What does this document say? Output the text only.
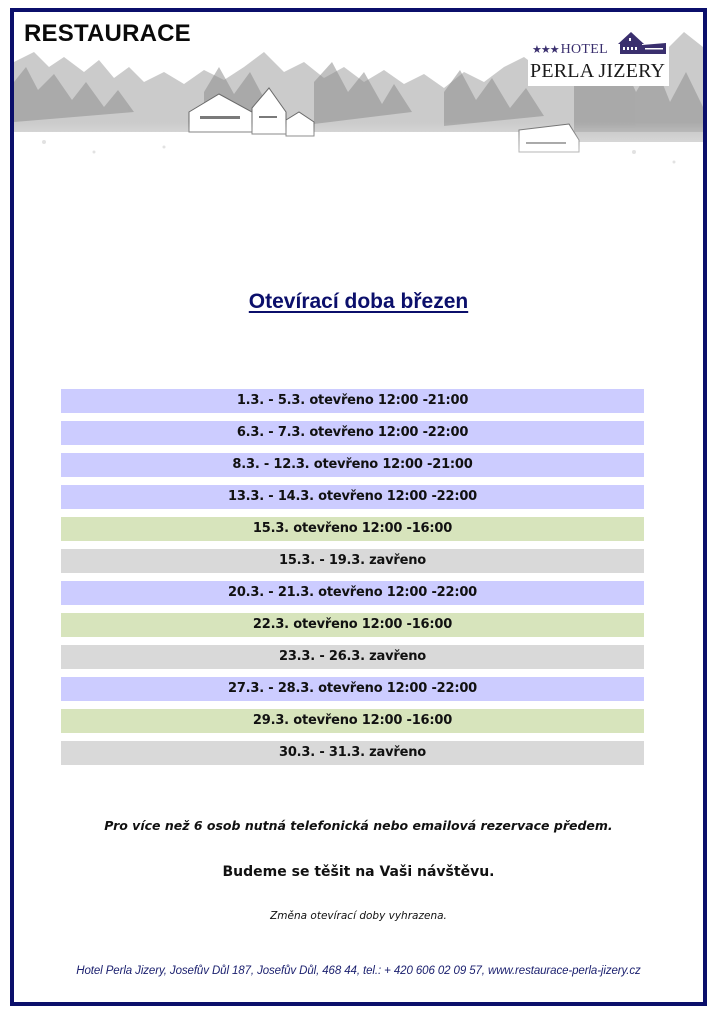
RESTAURACE
★★★ HOTEL
PERLA JIZERY
Otevírací doba březen
1.3. - 5.3. otevřeno 12:00 -21:00
6.3. - 7.3. otevřeno 12:00 -22:00
8.3. - 12.3. otevřeno 12:00 -21:00
13.3. - 14.3. otevřeno 12:00 -22:00
15.3. otevřeno 12:00 -16:00
15.3. - 19.3. zavřeno
20.3. - 21.3. otevřeno 12:00 -22:00
22.3. otevřeno 12:00 -16:00
23.3. - 26.3. zavřeno
27.3. - 28.3. otevřeno 12:00 -22:00
29.3. otevřeno 12:00 -16:00
30.3. - 31.3. zavřeno

Pro více než 6 osob nutná telefonická nebo emailová rezervace předem.

Budeme se těšit na Vaši návštěvu.

Změna otevírací doby vyhrazena.

Hotel Perla Jizery, Josefův Důl 187, Josefův Důl, 468 44, tel.: + 420 606 02 09 57, www.restaurace-perla-jizery.cz
